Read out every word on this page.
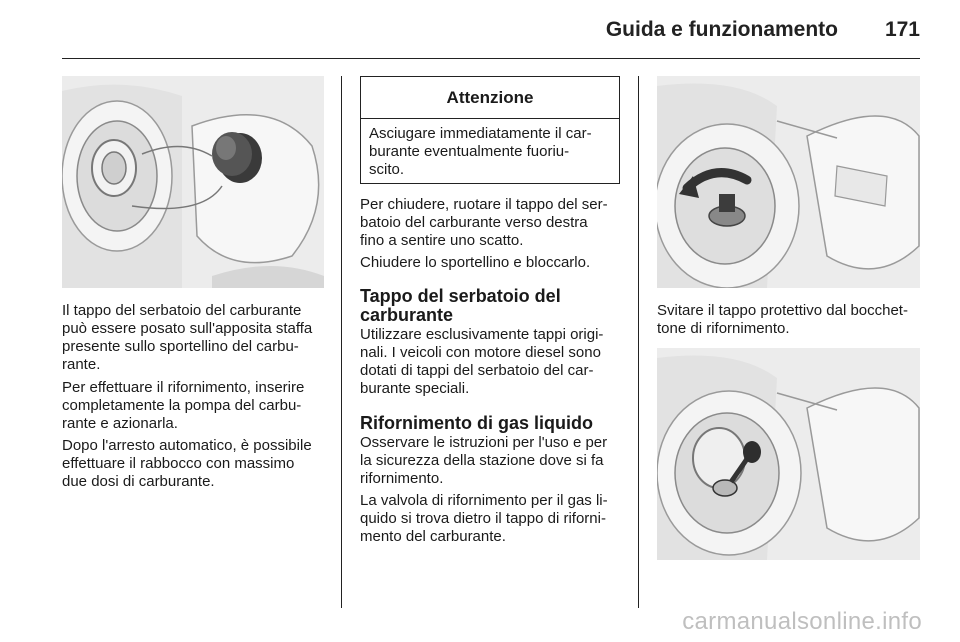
Guida e funzionamento 171

Il tappo del serbatoio del carburante
può essere posato sull'apposita staffa
presente sullo sportellino del carbu-
rante.

Per effettuare il rifornimento, inserire
completamente la pompa del carbu-
rante e azionarla.

Dopo l'arresto automatico, è possibile
effettuare il rabbocco con massimo
due dosi di carburante.

Attenzione
Asciugare immediatamente il car-
burante eventualmente fuoriu-
scito.

Per chiudere, ruotare il tappo del ser-
batoio del carburante verso destra
fino a sentire uno scatto.

Chiudere lo sportellino e bloccarlo.

Tappo del serbatoio del
carburante

Utilizzare esclusivamente tappi origi-
nali. I veicoli con motore diesel sono
dotati di tappi del serbatoio del car-
burante speciali.

Rifornimento di gas liquido

Osservare le istruzioni per l'uso e per
la sicurezza della stazione dove si fa
rifornimento.

La valvola di rifornimento per il gas li-
quido si trova dietro il tappo di riforni-
mento del carburante.

Svitare il tappo protettivo dal bocchet-
tone di rifornimento.

carmanualsonline.info
